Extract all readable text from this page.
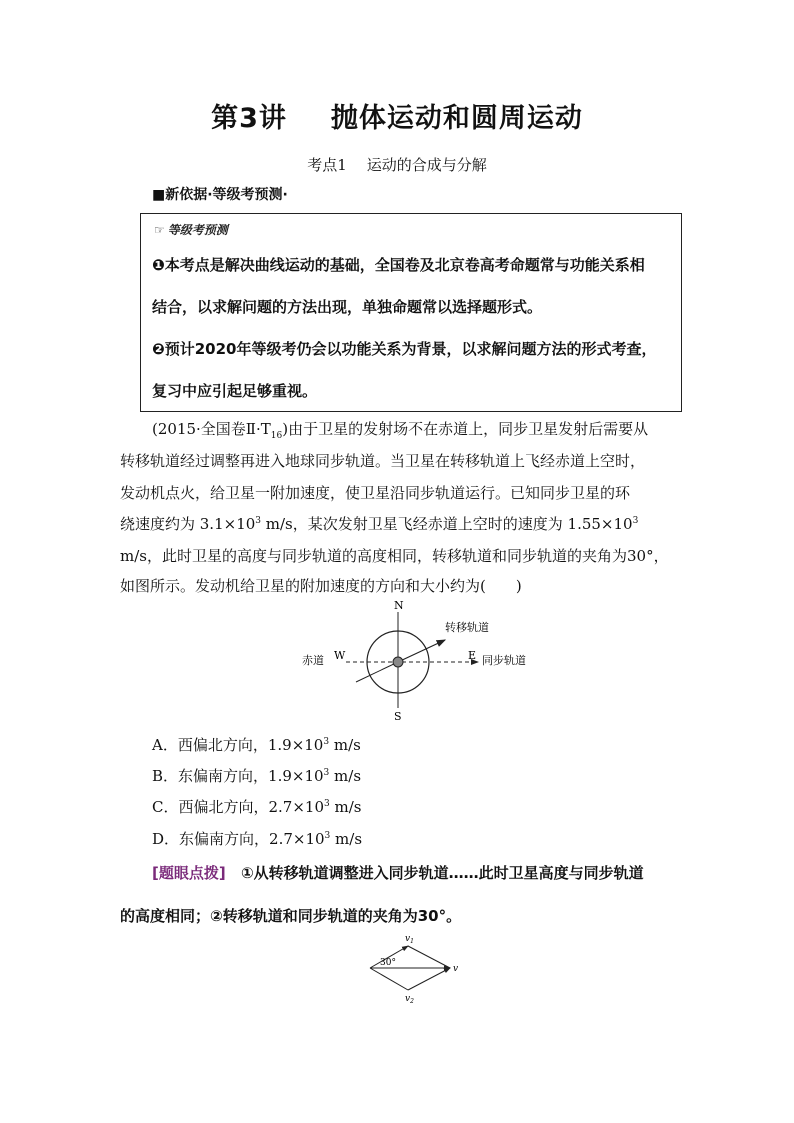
第3讲 抛体运动和圆周运动
考点1 运动的合成与分解
■新依据·等级考预测·
☞ 等级考预测
❶本考点是解决曲线运动的基础，全国卷及北京卷高考命题常与功能关系相
结合，以求解问题的方法出现，单独命题常以选择题形式。
❷预计2020年等级考仍会以功能关系为背景，以求解问题方法的形式考查，
复习中应引起足够重视。
(2015·全国卷$Ⅱ\cdot T_{16}$)由于卫星的发射场不在赤道上，同步卫星发射后需要从
转移轨道经过调整再进入地球同步轨道。当卫星在转移轨道上飞经赤道上空时，
发动机点火，给卫星一附加速度，使卫星沿同步轨道运行。已知同步卫星的环
绕速度约为 $3.1\times 10^3$ m/s，某次发射卫星飞经赤道上空时的速度为 $1.55\times 10^3$
m/s，此时卫星的高度与同步轨道的高度相同，转移轨道和同步轨道的夹角为30°，
如图所示。发动机给卫星的附加速度的方向和大小约为(　　)
N
S
W	E
赤道
转移轨道
同步轨道
A．西偏北方向，$1.9\times 10^3$ m/s
B．东偏南方向，$1.9\times 10^3$ m/s
C．西偏北方向，$2.7\times 10^3$ m/s
D．东偏南方向，$2.7\times 10^3$ m/s
[题眼点拨] ①从转移轨道调整进入同步轨道……此时卫星高度与同步轨道
的高度相同；②转移轨道和同步轨道的夹角为30°。
30°
$v_1$
v
$v_2$
